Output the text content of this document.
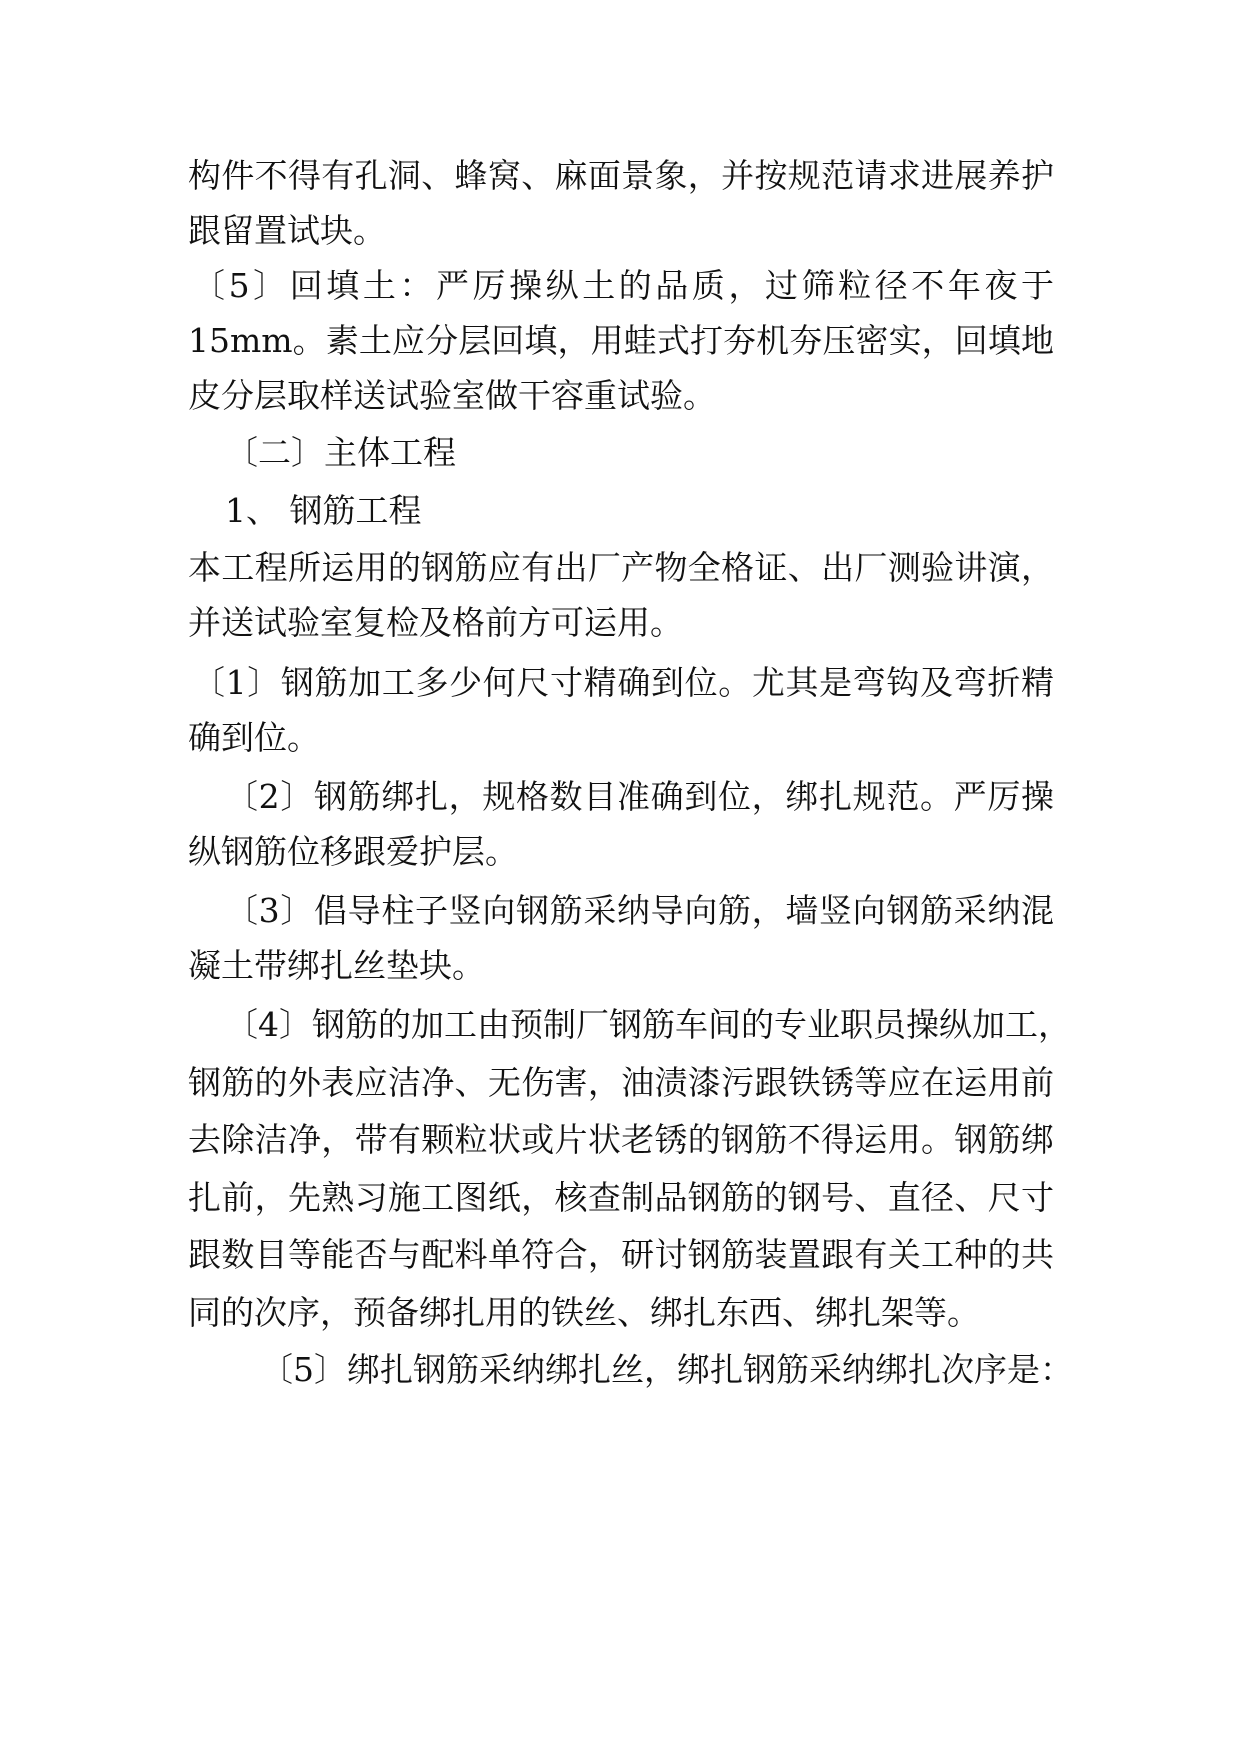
构件不得有孔洞、蜂窝、麻面景象，并按规范请求进展养护
跟留置试块。
〔5〕回填土：严厉操纵土的品质，过筛粒径不年夜于
15mm。素土应分层回填，用蛙式打夯机夯压密实，回填地
皮分层取样送试验室做干容重试验。
〔二〕主体工程
1、 钢筋工程
本工程所运用的钢筋应有出厂产物全格证、出厂测验讲演，
并送试验室复检及格前方可运用。
〔1〕钢筋加工多少何尺寸精确到位。尤其是弯钩及弯折精
确到位。
〔2〕钢筋绑扎，规格数目准确到位，绑扎规范。严厉操
纵钢筋位移跟爱护层。
〔3〕倡导柱子竖向钢筋采纳导向筋，墙竖向钢筋采纳混
凝土带绑扎丝垫块。
〔4〕钢筋的加工由预制厂钢筋车间的专业职员操纵加工，
钢筋的外表应洁净、无伤害，油渍漆污跟铁锈等应在运用前
去除洁净，带有颗粒状或片状老锈的钢筋不得运用。钢筋绑
扎前，先熟习施工图纸，核查制品钢筋的钢号、直径、尺寸
跟数目等能否与配料单符合，研讨钢筋装置跟有关工种的共
同的次序，预备绑扎用的铁丝、绑扎东西、绑扎架等。
〔5〕绑扎钢筋采纳绑扎丝，绑扎钢筋采纳绑扎次序是：
